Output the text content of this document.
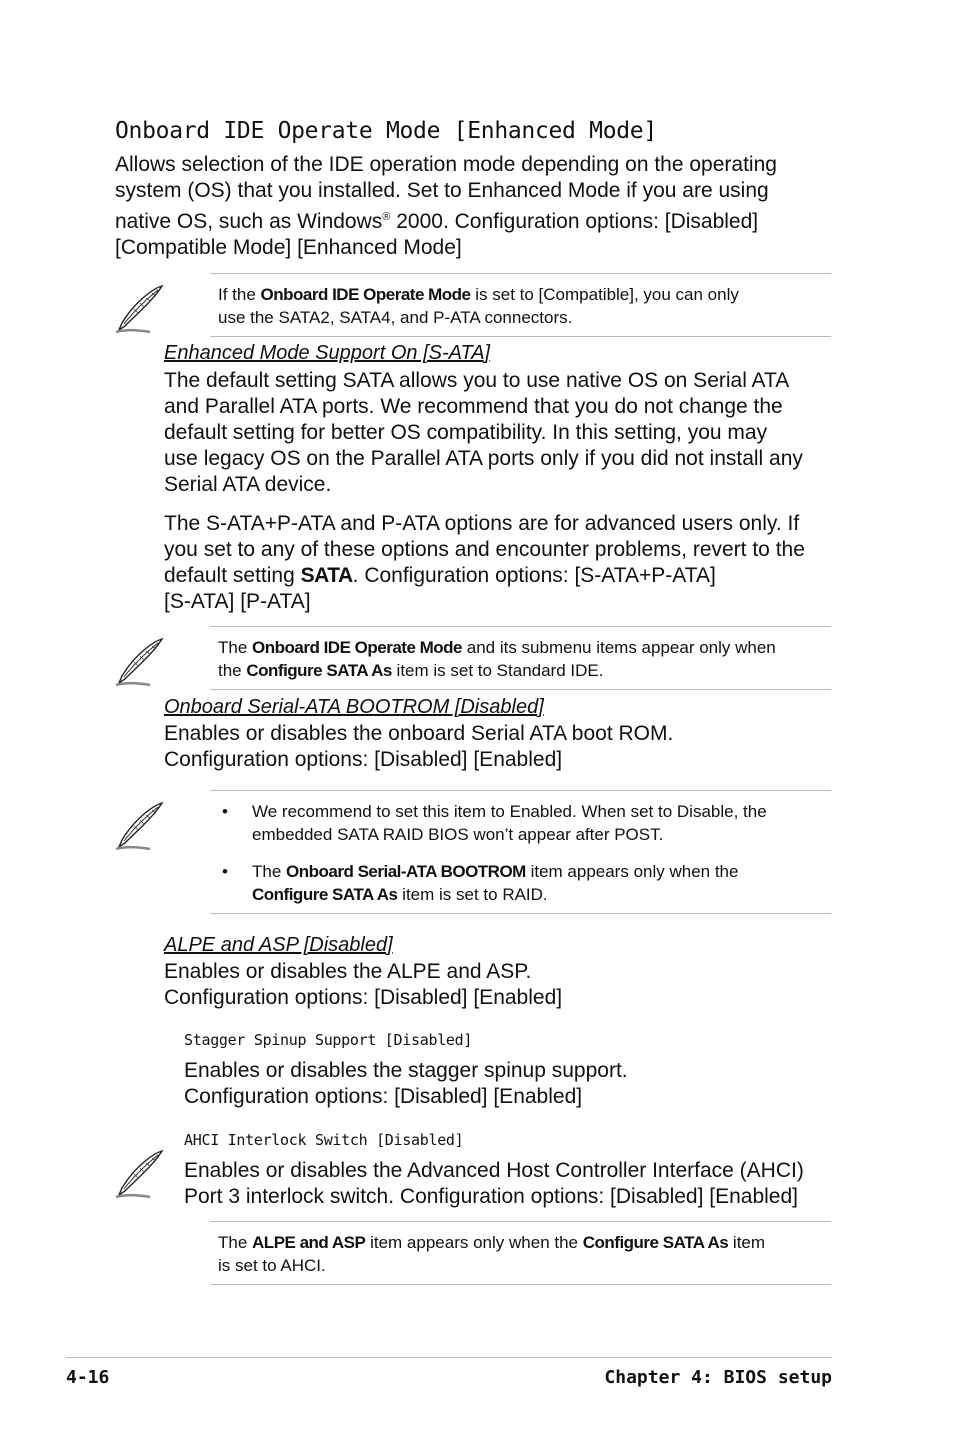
Onboard IDE Operate Mode [Enhanced Mode]

Allows selection of the IDE operation mode depending on the operating

system (OS) that you installed. Set to Enhanced Mode if you are using

native OS, such as Windows® 2000. Configuration options: [Disabled]

[Compatible Mode] [Enhanced Mode]

If the Onboard IDE Operate Mode is set to [Compatible], you can only

use the SATA2, SATA4, and P-ATA connectors.

Enhanced Mode Support On [S-ATA]

The default setting SATA allows you to use native OS on Serial ATA

and Parallel ATA ports. We recommend that you do not change the

default setting for better OS compatibility. In this setting, you may

use legacy OS on the Parallel ATA ports only if you did not install any

Serial ATA device.

The S-ATA+P-ATA and P-ATA options are for advanced users only. If

you set to any of these options and encounter problems, revert to the

default setting SATA. Configuration options: [S-ATA+P-ATA]

[S-ATA] [P-ATA]

The Onboard IDE Operate Mode and its submenu items appear only when

the Configure SATA As item is set to Standard IDE.

Onboard Serial-ATA BOOTROM [Disabled]

Enables or disables the onboard Serial ATA boot ROM.

Configuration options: [Disabled] [Enabled]

• We recommend to set this item to Enabled. When set to Disable, the

embedded SATA RAID BIOS won’t appear after POST.

• The Onboard Serial-ATA BOOTROM item appears only when the

Configure SATA As item is set to RAID.

ALPE and ASP [Disabled]

Enables or disables the ALPE and ASP.

Configuration options: [Disabled] [Enabled]

Stagger Spinup Support [Disabled]

Enables or disables the stagger spinup support.

Configuration options: [Disabled] [Enabled]

AHCI Interlock Switch [Disabled]

Enables or disables the Advanced Host Controller Interface (AHCI)

Port 3 interlock switch. Configuration options: [Disabled] [Enabled]

The ALPE and ASP item appears only when the Configure SATA As item

is set to AHCI.

4-16	Chapter 4: BIOS setup
